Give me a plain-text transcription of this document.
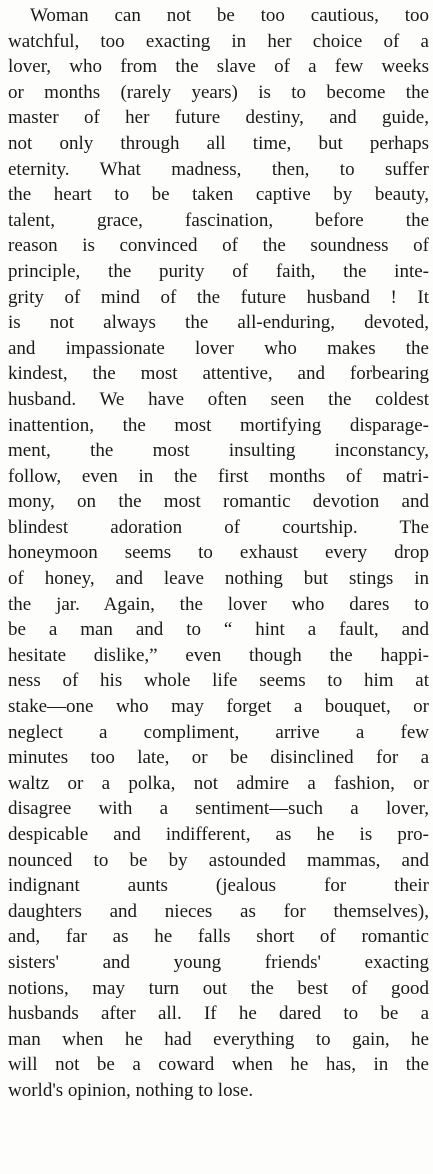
Woman can not be too cautious, too
watchful, too exacting in her choice of a
lover, who from the slave of a few weeks
or months (rarely years) is to become the
master of her future destiny, and guide,
not only through all time, but perhaps
eternity. What madness, then, to suffer
the heart to be taken captive by beauty,
talent, grace, fascination, before the
reason is convinced of the soundness of
principle, the purity of faith, the inte-
grity of mind of the future husband ! It
is not always the all-enduring, devoted,
and impassionate lover who makes the
kindest, the most attentive, and forbearing
husband. We have often seen the coldest
inattention, the most mortifying disparage-
ment, the most insulting inconstancy,
follow, even in the first months of matri-
mony, on the most romantic devotion and
blindest adoration of courtship. The
honeymoon seems to exhaust every drop
of honey, and leave nothing but stings in
the jar. Again, the lover who dares to
be a man and to “ hint a fault, and
hesitate dislike,” even though the happi-
ness of his whole life seems to him at
stake—one who may forget a bouquet, or
neglect a compliment, arrive a few
minutes too late, or be disinclined for a
waltz or a polka, not admire a fashion, or
disagree with a sentiment—such a lover,
despicable and indifferent, as he is pro-
nounced to be by astounded mammas, and
indignant aunts (jealous for their
daughters and nieces as for themselves),
and, far as he falls short of romantic
sisters' and young friends' exacting
notions, may turn out the best of good
husbands after all. If he dared to be a
man when he had everything to gain, he
will not be a coward when he has, in the
world's opinion, nothing to lose.
